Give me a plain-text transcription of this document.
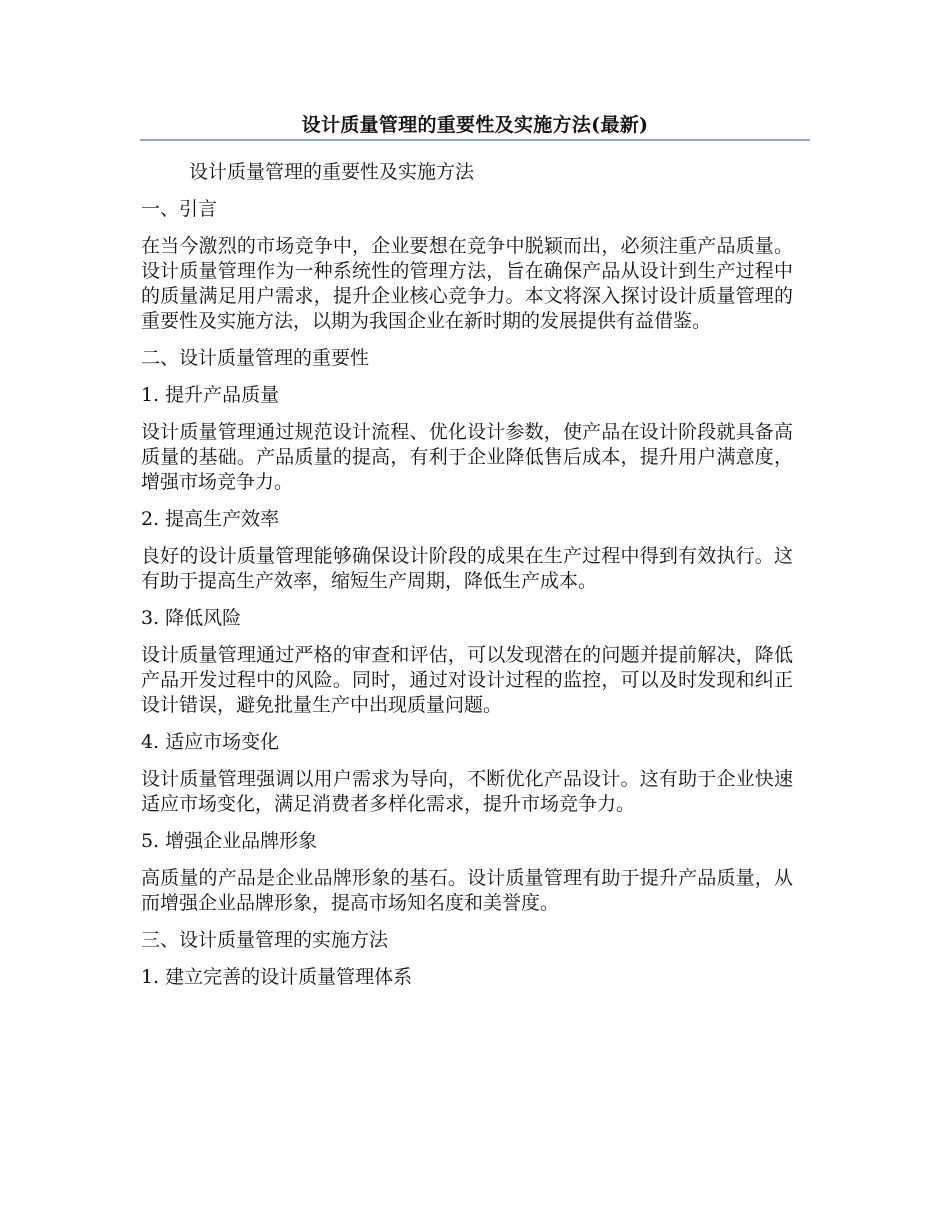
设计质量管理的重要性及实施方法(最新)

设计质量管理的重要性及实施方法

一、引言

在当今激烈的市场竞争中，企业要想在竞争中脱颖而出，必须注重产品质量。设计质量管理作为一种系统性的管理方法，旨在确保产品从设计到生产过程中的质量满足用户需求，提升企业核心竞争力。本文将深入探讨设计质量管理的重要性及实施方法，以期为我国企业在新时期的发展提供有益借鉴。

二、设计质量管理的重要性

1. 提升产品质量

设计质量管理通过规范设计流程、优化设计参数，使产品在设计阶段就具备高质量的基础。产品质量的提高，有利于企业降低售后成本，提升用户满意度，增强市场竞争力。

2. 提高生产效率

良好的设计质量管理能够确保设计阶段的成果在生产过程中得到有效执行。这有助于提高生产效率，缩短生产周期，降低生产成本。

3. 降低风险

设计质量管理通过严格的审查和评估，可以发现潜在的问题并提前解决，降低产品开发过程中的风险。同时，通过对设计过程的监控，可以及时发现和纠正设计错误，避免批量生产中出现质量问题。

4. 适应市场变化

设计质量管理强调以用户需求为导向，不断优化产品设计。这有助于企业快速适应市场变化，满足消费者多样化需求，提升市场竞争力。

5. 增强企业品牌形象

高质量的产品是企业品牌形象的基石。设计质量管理有助于提升产品质量，从而增强企业品牌形象，提高市场知名度和美誉度。

三、设计质量管理的实施方法

1. 建立完善的设计质量管理体系
